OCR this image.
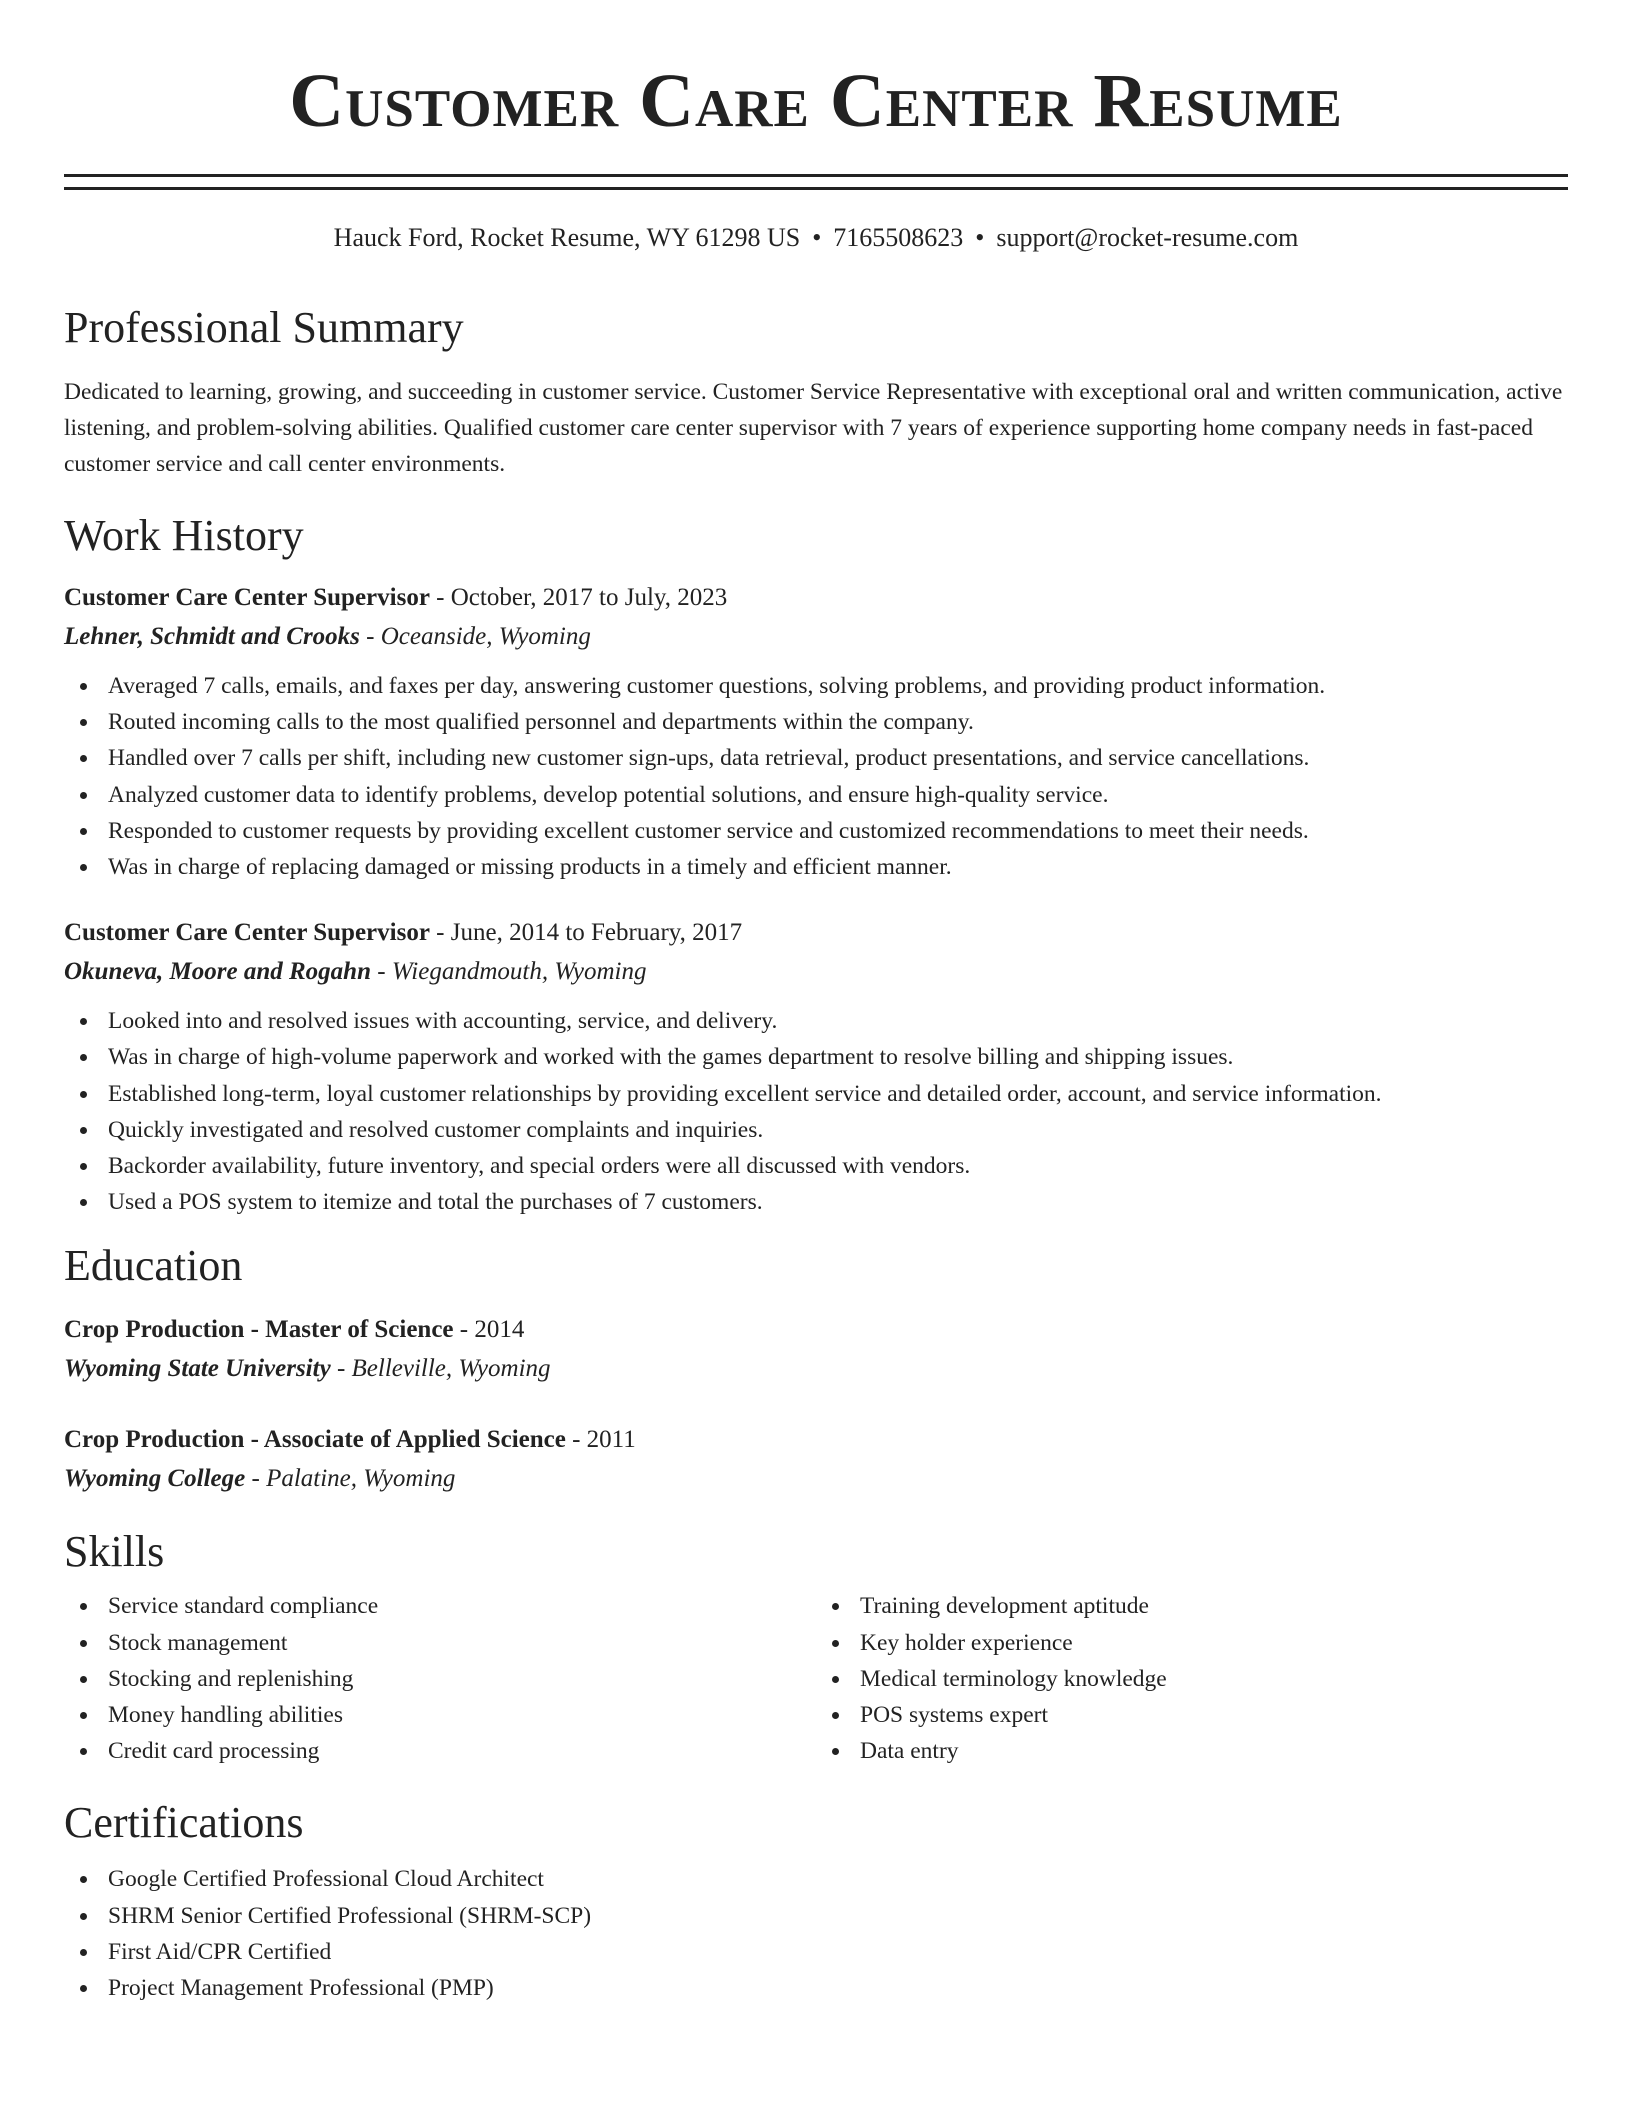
Customer Care Center Resume
Hauck Ford, Rocket Resume, WY 61298 US • 7165508623 • support@rocket-resume.com
Professional Summary
Dedicated to learning, growing, and succeeding in customer service. Customer Service Representative with exceptional oral and written communication, active listening, and problem-solving abilities. Qualified customer care center supervisor with 7 years of experience supporting home company needs in fast-paced customer service and call center environments.
Work History
Customer Care Center Supervisor - October, 2017 to July, 2023
Lehner, Schmidt and Crooks - Oceanside, Wyoming
Averaged 7 calls, emails, and faxes per day, answering customer questions, solving problems, and providing product information.
Routed incoming calls to the most qualified personnel and departments within the company.
Handled over 7 calls per shift, including new customer sign-ups, data retrieval, product presentations, and service cancellations.
Analyzed customer data to identify problems, develop potential solutions, and ensure high-quality service.
Responded to customer requests by providing excellent customer service and customized recommendations to meet their needs.
Was in charge of replacing damaged or missing products in a timely and efficient manner.
Customer Care Center Supervisor - June, 2014 to February, 2017
Okuneva, Moore and Rogahn - Wiegandmouth, Wyoming
Looked into and resolved issues with accounting, service, and delivery.
Was in charge of high-volume paperwork and worked with the games department to resolve billing and shipping issues.
Established long-term, loyal customer relationships by providing excellent service and detailed order, account, and service information.
Quickly investigated and resolved customer complaints and inquiries.
Backorder availability, future inventory, and special orders were all discussed with vendors.
Used a POS system to itemize and total the purchases of 7 customers.
Education
Crop Production - Master of Science - 2014
Wyoming State University - Belleville, Wyoming
Crop Production - Associate of Applied Science - 2011
Wyoming College - Palatine, Wyoming
Skills
Service standard compliance
Stock management
Stocking and replenishing
Money handling abilities
Credit card processing
Training development aptitude
Key holder experience
Medical terminology knowledge
POS systems expert
Data entry
Certifications
Google Certified Professional Cloud Architect
SHRM Senior Certified Professional (SHRM-SCP)
First Aid/CPR Certified
Project Management Professional (PMP)
